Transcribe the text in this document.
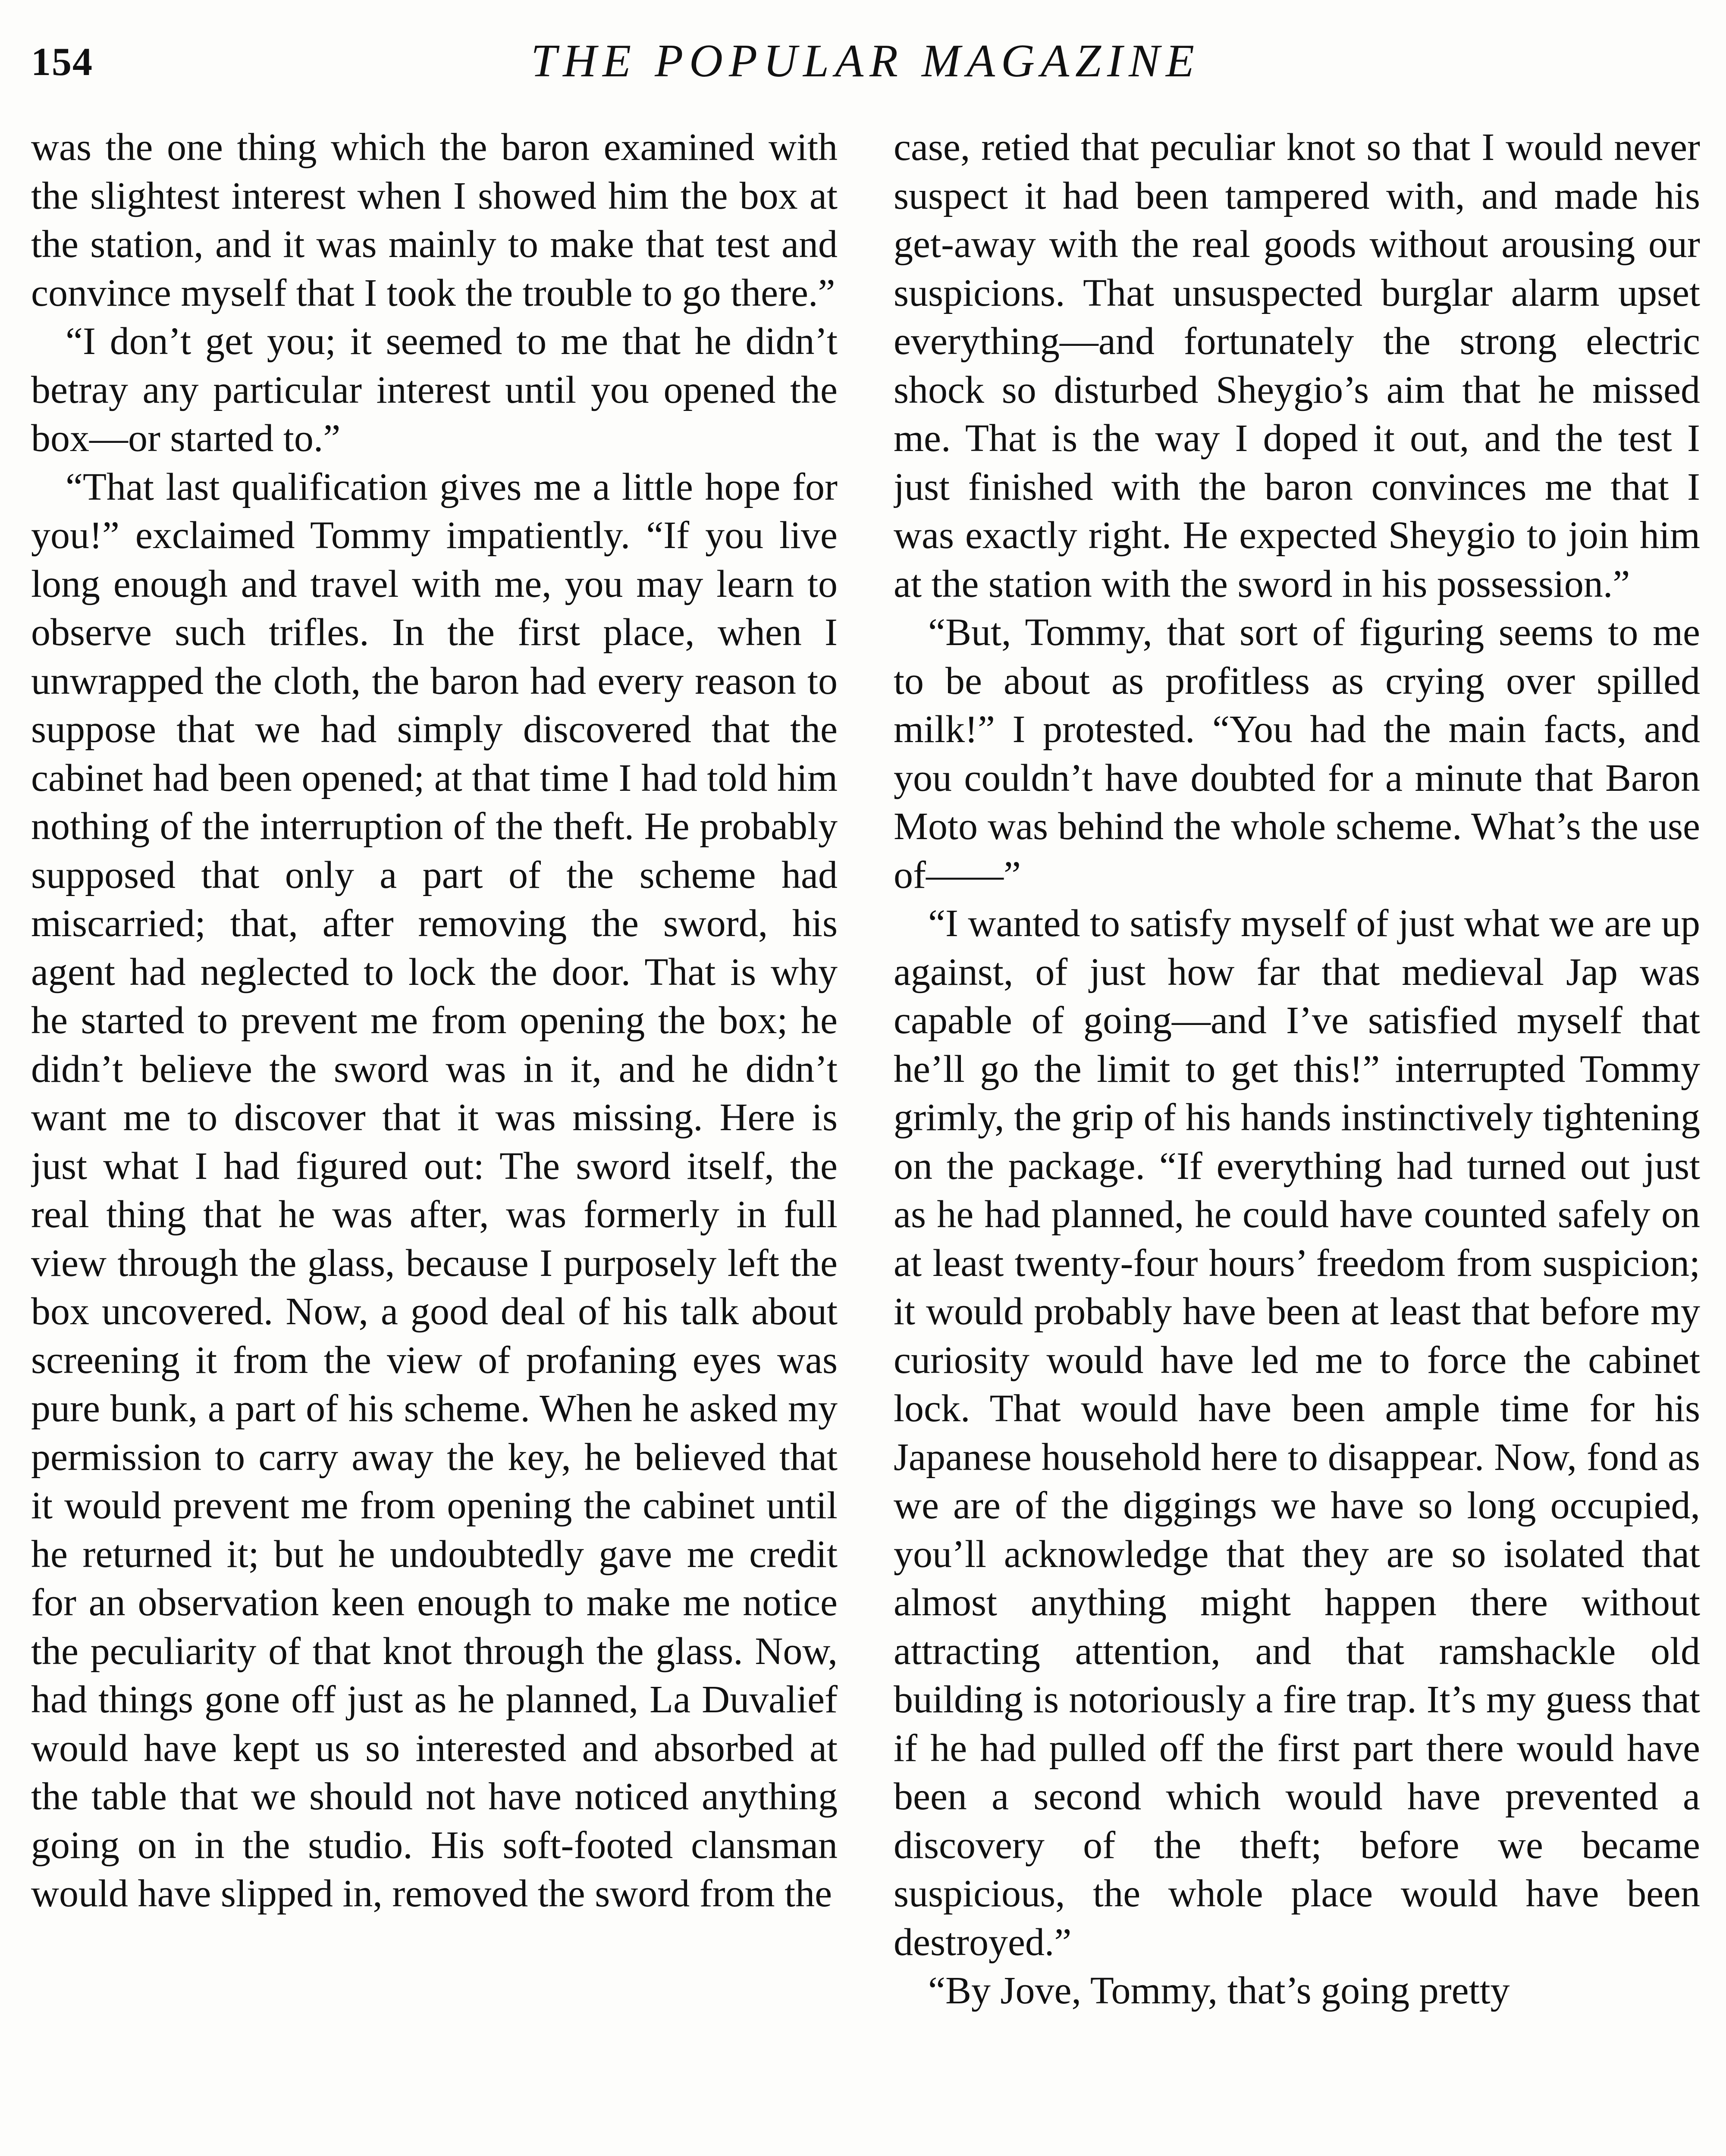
154	THE POPULAR MAGAZINE

was the one thing which the baron examined with the slightest interest when I showed him the box at the station, and it was mainly to make that test and convince myself that I took the trouble to go there.”

“I don’t get you; it seemed to me that he didn’t betray any particular interest until you opened the box—or started to.”

“That last qualification gives me a little hope for you!” exclaimed Tommy impatiently. “If you live long enough and travel with me, you may learn to observe such trifles. In the first place, when I unwrapped the cloth, the baron had every reason to suppose that we had simply discovered that the cabinet had been opened; at that time I had told him nothing of the interruption of the theft. He probably supposed that only a part of the scheme had miscarried; that, after removing the sword, his agent had neglected to lock the door. That is why he started to prevent me from opening the box; he didn’t believe the sword was in it, and he didn’t want me to discover that it was missing. Here is just what I had figured out: The sword itself, the real thing that he was after, was formerly in full view through the glass, because I purposely left the box uncovered. Now, a good deal of his talk about screening it from the view of profaning eyes was pure bunk, a part of his scheme. When he asked my permission to carry away the key, he believed that it would prevent me from opening the cabinet until he returned it; but he undoubtedly gave me credit for an observation keen enough to make me notice the peculiarity of that knot through the glass. Now, had things gone off just as he planned, La Duvalief would have kept us so interested and absorbed at the table that we should not have noticed anything going on in the studio. His soft-footed clansman would have slipped in, removed the sword from the

case, retied that peculiar knot so that I would never suspect it had been tampered with, and made his get-away with the real goods without arousing our suspicions. That unsuspected burglar alarm upset everything—and fortunately the strong electric shock so disturbed Sheygio’s aim that he missed me. That is the way I doped it out, and the test I just finished with the baron convinces me that I was exactly right. He expected Sheygio to join him at the station with the sword in his possession.”

“But, Tommy, that sort of figuring seems to me to be about as profitless as crying over spilled milk!” I protested. “You had the main facts, and you couldn’t have doubted for a minute that Baron Moto was behind the whole scheme. What’s the use of——”

“I wanted to satisfy myself of just what we are up against, of just how far that medieval Jap was capable of going—and I’ve satisfied myself that he’ll go the limit to get this!” interrupted Tommy grimly, the grip of his hands instinctively tightening on the package. “If everything had turned out just as he had planned, he could have counted safely on at least twenty-four hours’ freedom from suspicion; it would probably have been at least that before my curiosity would have led me to force the cabinet lock. That would have been ample time for his Japanese household here to disappear. Now, fond as we are of the diggings we have so long occupied, you’ll acknowledge that they are so isolated that almost anything might happen there without attracting attention, and that ramshackle old building is notoriously a fire trap. It’s my guess that if he had pulled off the first part there would have been a second which would have prevented a discovery of the theft; before we became suspicious, the whole place would have been destroyed.”

“By Jove, Tommy, that’s going pretty
